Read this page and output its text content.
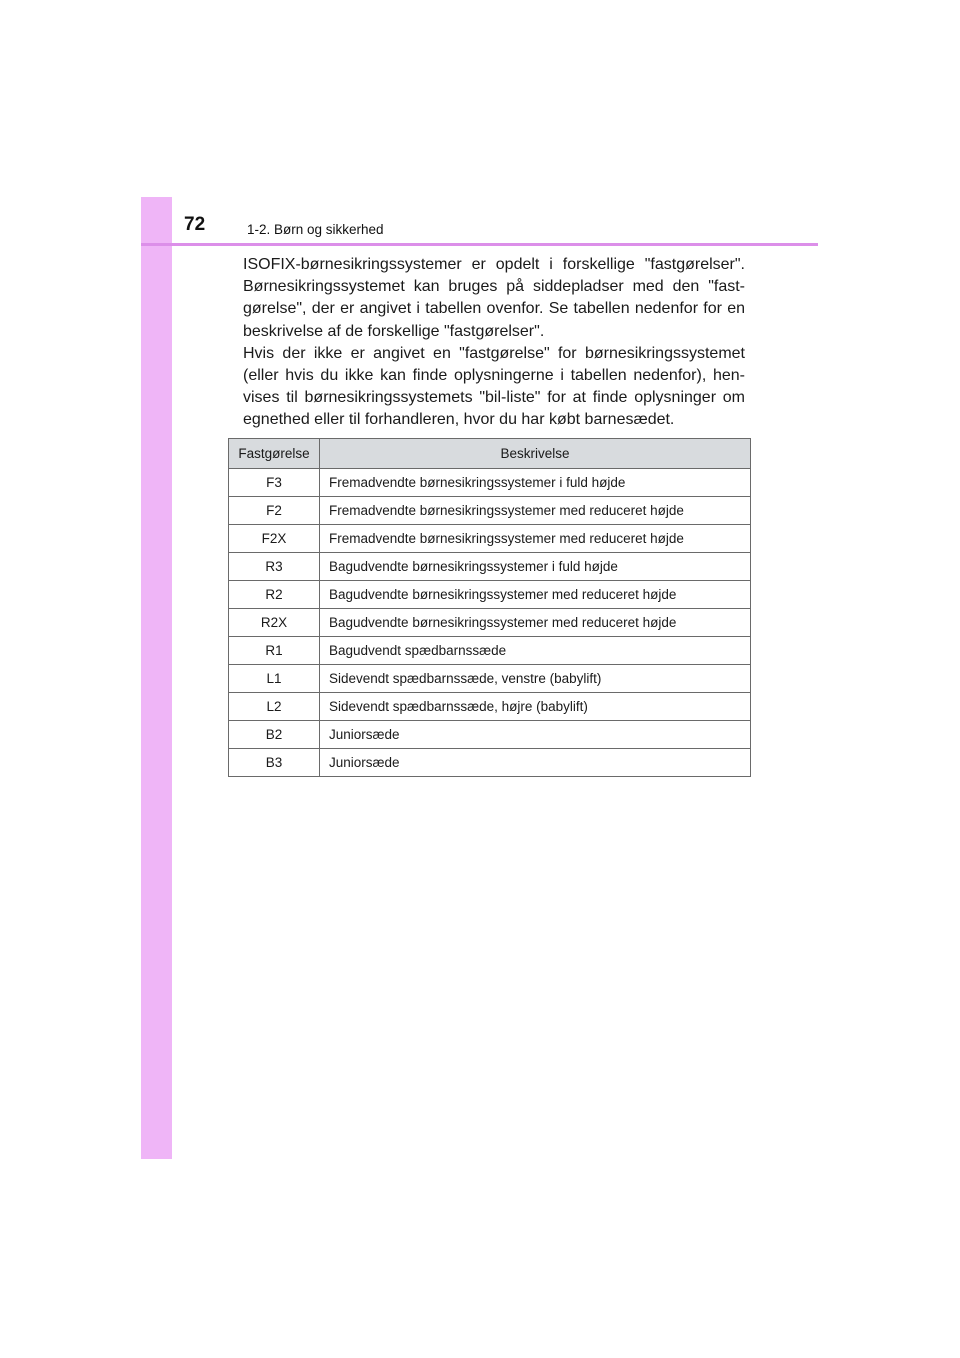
72	1-2. Børn og sikkerhed

ISOFIX-børnesikringssystemer er opdelt i forskellige "fastgørelser". Børnesikringssystemet kan bruges på siddepladser med den "fast-gørelse", der er angivet i tabellen ovenfor. Se tabellen nedenfor for en beskrivelse af de forskellige "fastgørelser".

Hvis der ikke er angivet en "fastgørelse" for børnesikringssystemet (eller hvis du ikke kan finde oplysningerne i tabellen nedenfor), hen-vises til børnesikringssystemets "bil-liste" for at finde oplysninger om egnethed eller til forhandleren, hvor du har købt barnesædet.

Fastgørelse	Beskrivelse
F3	Fremadvendte børnesikringssystemer i fuld højde
F2	Fremadvendte børnesikringssystemer med reduceret højde
F2X	Fremadvendte børnesikringssystemer med reduceret højde
R3	Bagudvendte børnesikringssystemer i fuld højde
R2	Bagudvendte børnesikringssystemer med reduceret højde
R2X	Bagudvendte børnesikringssystemer med reduceret højde
R1	Bagudvendt spædbarnssæde
L1	Sidevendt spædbarnssæde, venstre (babylift)
L2	Sidevendt spædbarnssæde, højre (babylift)
B2	Juniorsæde
B3	Juniorsæde
